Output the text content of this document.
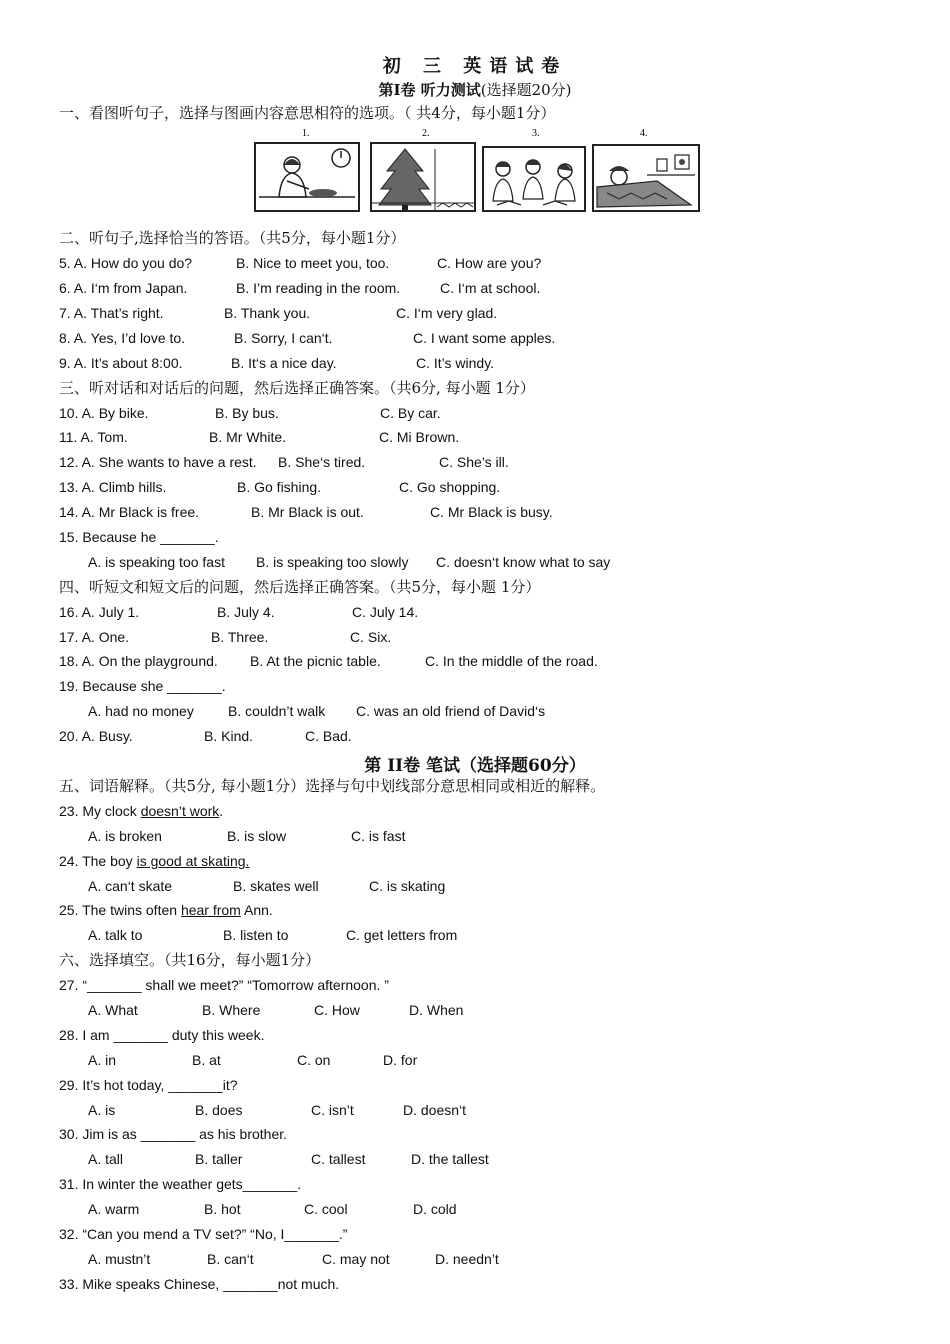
初 三 英语试卷
第Ⅰ卷 听力测试(选择题20分)
一、看图听句子，选择与图画内容意思相符的选项。（ 共4分，每小题1分）
1.	2.	3.	4.
二、听句子,选择恰当的答语。（共5分，每小题1分）
5. A. How do you do?	B. Nice to meet you, too.	C. How are you?
6. A. I‘m from Japan.	B. I’m reading in the room.	C. I‘m at school.
7. A. That’s right.	B. Thank you.	C. I‘m very glad.
8. A. Yes, I’d love to.	B. Sorry, I can‘t.	C. I want some apples.
9. A. It’s about 8:00.	B. It‘s a nice day.	C. It’s windy.
三、听对话和对话后的问题，然后选择正确答案。（共6分, 每小题 1分）
10. A. By bike.	B. By bus.	C. By car.
11. A. Tom.	B. Mr White.	C. Mi Brown.
12. A. She wants to have a rest. B. She‘s tired.	C. She’s ill.
13. A. Climb hills.	B. Go fishing.	C. Go shopping.
14. A. Mr Black is free.	B. Mr Black is out.	C. Mr Black is busy.
15. Because he _______.
A. is speaking too fast B. is speaking too slowly C. doesn‘t know what to say
四、听短文和短文后的问题，然后选择正确答案。（共5分，每小题 1分）
16. A. July 1.	B. July 4.	C. July 14.
17. A. One.	B. Three.	C. Six.
18. A. On the playground. B. At the picnic table.	C. In the middle of the road.
19. Because she _______.
A. had no money B. couldn’t walk C. was an old friend of David‘s
20. A. Busy.	B. Kind.	C. Bad.
第 II卷 笔试（选择题60分）
五、词语解释。（共5分, 每小题1分）选择与句中划线部分意思相同或相近的解释。
23. My clock doesn’t work.
A. is broken	B. is slow	C. is fast
24. The boy is good at skating.
A. can‘t skate	B. skates well	C. is skating
25. The twins often hear from Ann.
A. talk to	B. listen to	C. get letters from
六、选择填空。（共16分，每小题1分）
27. “_______ shall we meet?” “Tomorrow afternoon. ”
A. What	B. Where	C. How	D. When
28. I am _______ duty this week.
A. in	B. at	C. on	D. for
29. It’s hot today, _______it?
A. is	B. does	C. isn’t	D. doesn‘t
30. Jim is as _______ as his brother.
A. tall	B. taller	C. tallest	D. the tallest
31. In winter the weather gets_______.
A. warm	B. hot	C. cool	D. cold
32. “Can you mend a TV set?” “No, I_______.”
A. mustn’t	B. can‘t	C. may not	D. needn’t
33. Mike speaks Chinese, _______not much.
